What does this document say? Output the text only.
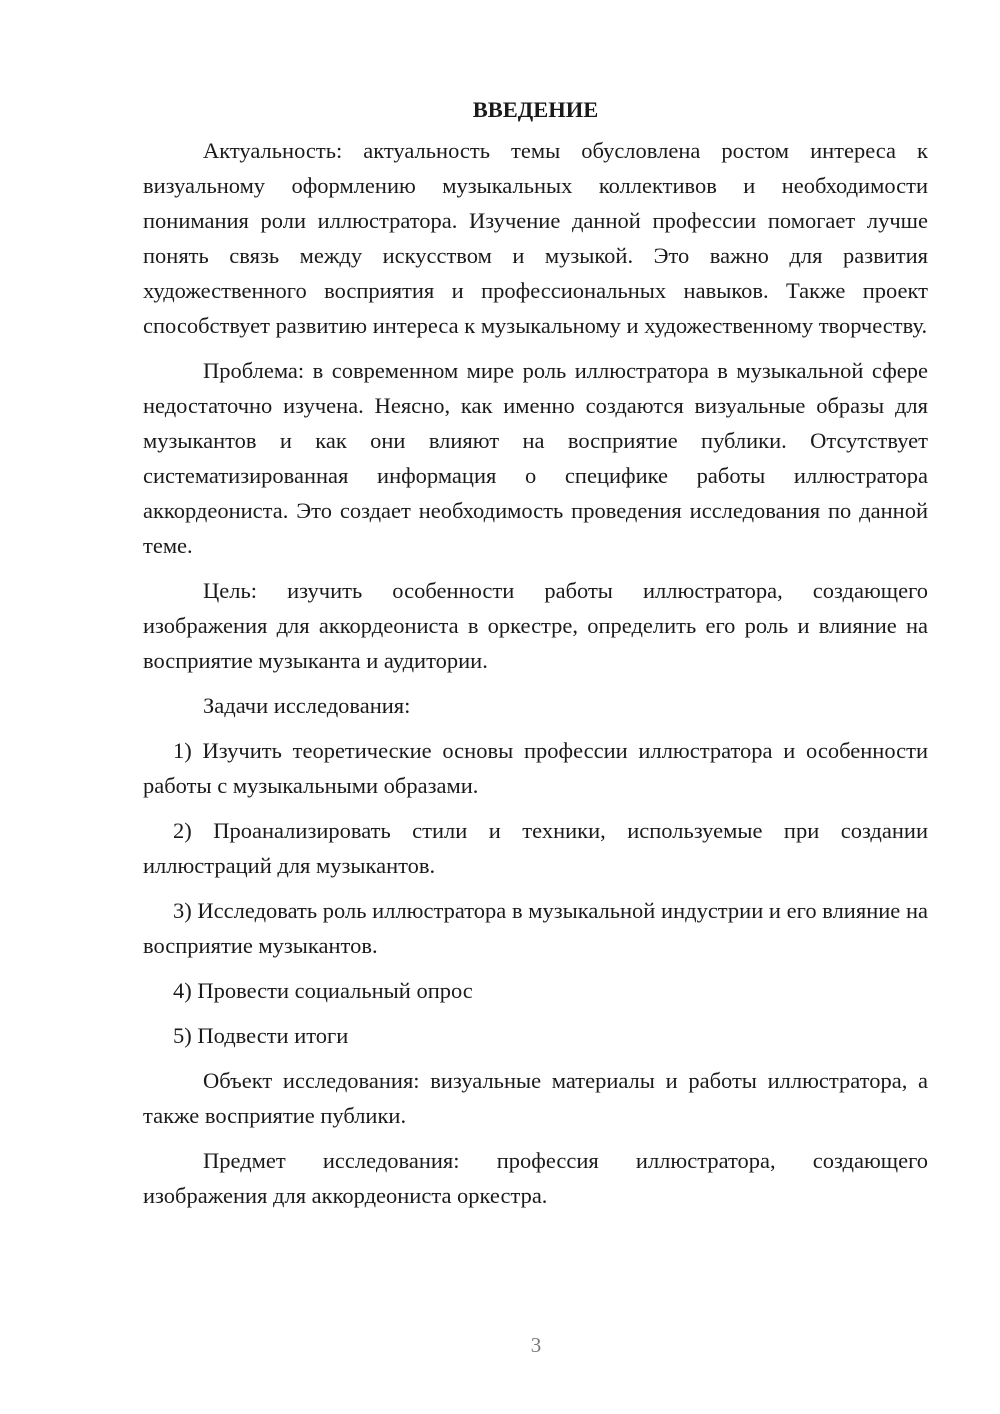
ВВЕДЕНИЕ

Актуальность: актуальность темы обусловлена ростом интереса к визуальному оформлению музыкальных коллективов и необходимости понимания роли иллюстратора. Изучение данной профессии помогает лучше понять связь между искусством и музыкой. Это важно для развития художественного восприятия и профессиональных навыков. Также проект способствует развитию интереса к музыкальному и художественному творчеству.

Проблема: в современном мире роль иллюстратора в музыкальной сфере недостаточно изучена. Неясно, как именно создаются визуальные образы для музыкантов и как они влияют на восприятие публики. Отсутствует систематизированная информация о специфике работы иллюстратора аккордеониста. Это создает необходимость проведения исследования по данной теме.

Цель: изучить особенности работы иллюстратора, создающего изображения для аккордеониста в оркестре, определить его роль и влияние на восприятие музыканта и аудитории.

Задачи исследования:

1) Изучить теоретические основы профессии иллюстратора и особенности работы с музыкальными образами.

2) Проанализировать стили и техники, используемые при создании иллюстраций для музыкантов.

3) Исследовать роль иллюстратора в музыкальной индустрии и его влияние на восприятие музыкантов.

4) Провести социальный опрос

5) Подвести итоги

Объект исследования: визуальные материалы и работы иллюстратора, а также восприятие публики.

Предмет исследования: профессия иллюстратора, создающего изображения для аккордеониста оркестра.

3
